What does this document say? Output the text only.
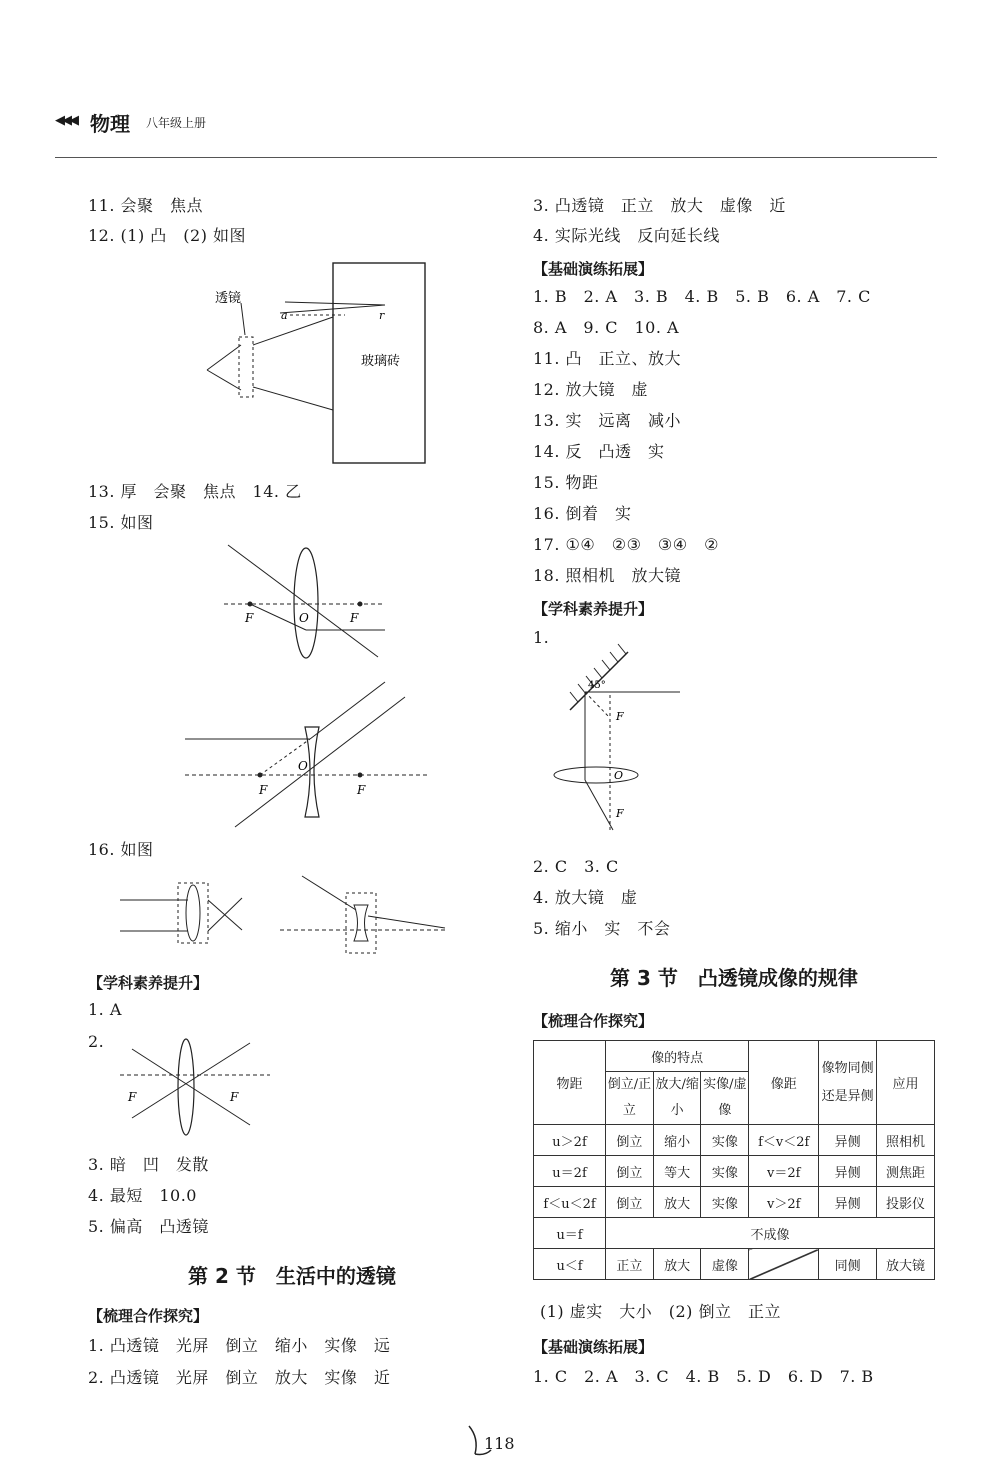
◀◀◀ 物理 八年级上册
11. 会聚　焦点
12. (1) 凸　(2) 如图
透镜
a	r
玻璃砖
13. 厚　会聚　焦点　14. 乙
15. 如图
F	O	F
F
O
F
16. 如图
【学科素养提升】
1. A
2.
F	F
3. 暗　凹　发散
4. 最短　10.0
5. 偏高　凸透镜
第 2 节　生活中的透镜
【梳理合作探究】
1. 凸透镜　光屏　倒立　缩小　实像　远
2. 凸透镜　光屏　倒立　放大　实像　近
3. 凸透镜　正立　放大　虚像　近
4. 实际光线　反向延长线
【基础演练拓展】
1. B　2. A　3. B　4. B　5. B　6. A　7. C
8. A　9. C　10. A
11. 凸　正立、放大
12. 放大镜　虚
13. 实　远离　减小
14. 反　凸透　实
15. 物距
16. 倒着　实
17. ①④　②③　③④　②
18. 照相机　放大镜
【学科素养提升】
1.
45°
F
O
F
2. C　3. C
4. 放大镜　虚
5. 缩小　实　不会
第 3 节　凸透镜成像的规律
【梳理合作探究】
物距	像的特点			像距	像物同侧还是异侧	应用
	倒立/正立	放大/缩小	实像/虚像			

u＞2f	倒立	缩小	实像	f＜v＜2f	异侧	照相机
u＝2f	倒立	等大	实像	v＝2f	异侧	测焦距
f＜u＜2f	倒立	放大	实像	v＞2f	异侧	投影仪
u＝f	不成像					
u＜f	正立	放大	虚像		同侧	放大镜
(1) 虚实　大小　(2) 倒立　正立
【基础演练拓展】
1. C　2. A　3. C　4. B　5. D　6. D　7. B
118
